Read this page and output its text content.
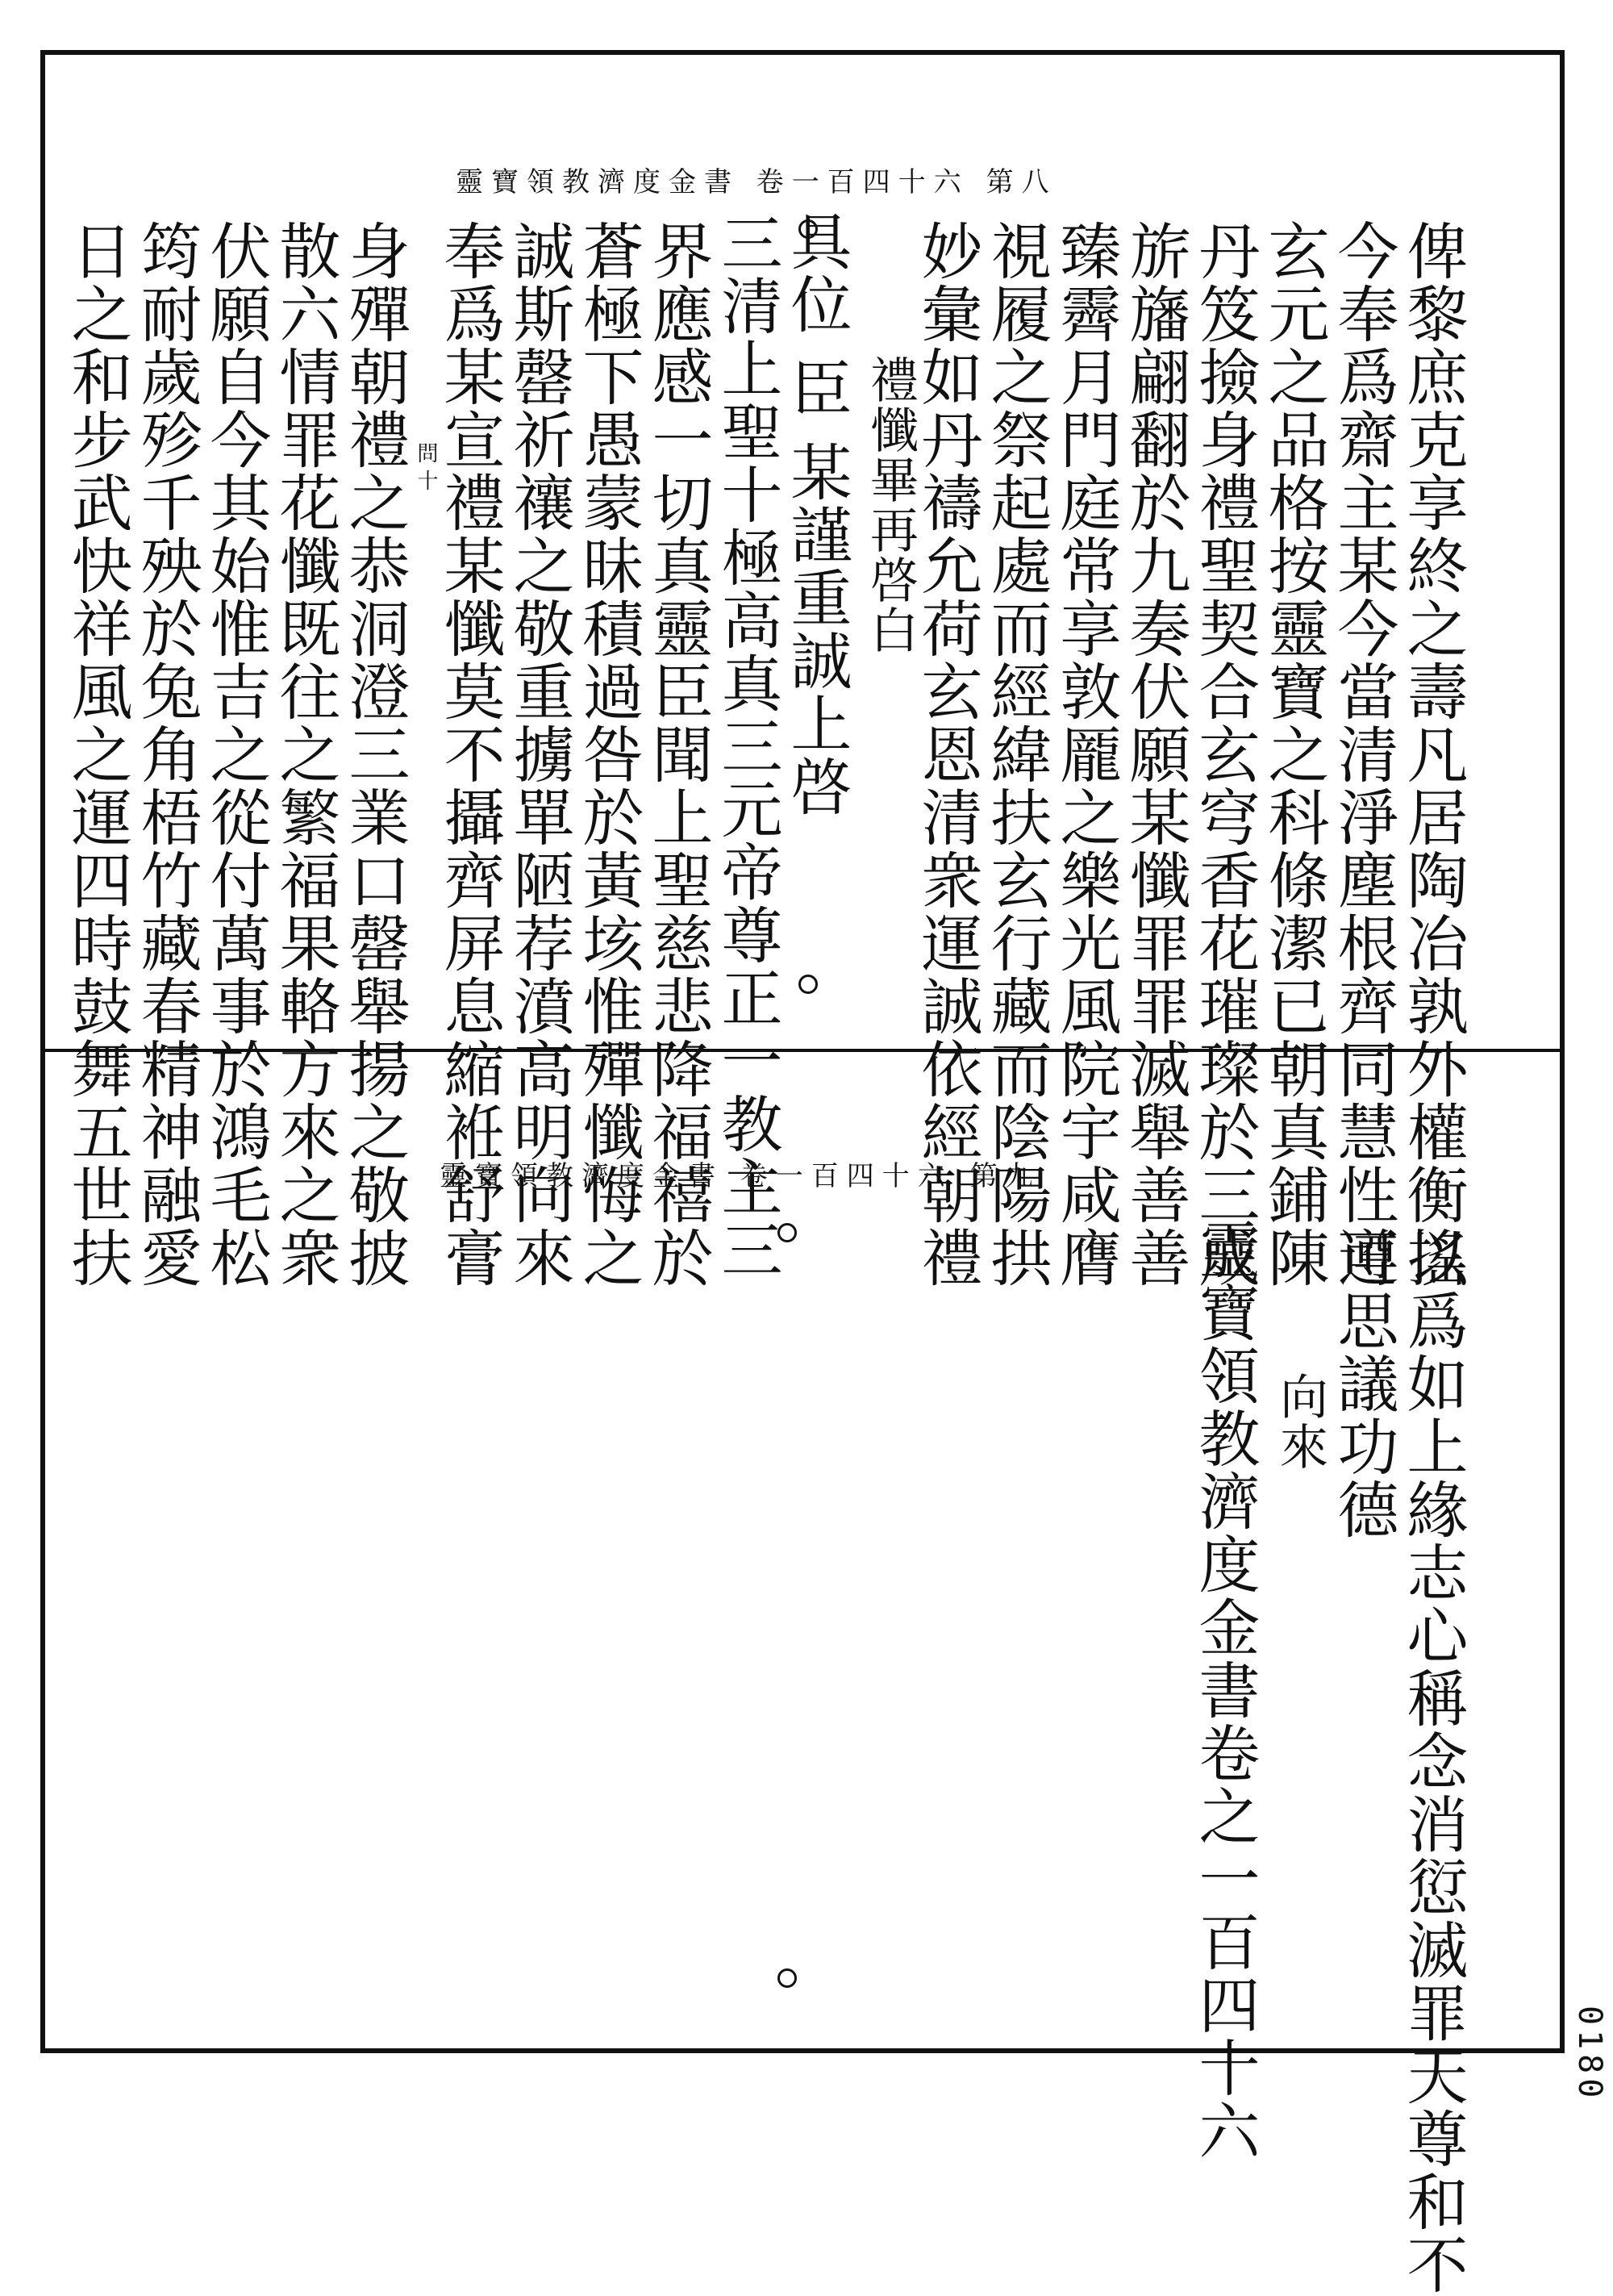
靈寶領教濟度金書 卷一百四十六 第八
俾黎庶克享終之壽凡居陶冶孰外權衡以
今奉爲齋主某今當清淨塵根齊同慧性遵
玄元之品格按靈寶之科條潔已朝真鋪陳
丹笈撿身禮聖契合玄穹香花璀璨於三成
旂旛翩翻於九奏伏願某懺罪罪滅舉善善
臻霽月門庭常享敦龎之樂光風院宇咸膺
視履之祭起處而經緯扶玄行藏而陰陽拱
妙彙如丹禱允荷玄恩清衆運誠依經朝禮
禮懺畢再啓白
具位 臣 某謹重誠上啓
三清上聖十極高真三元帝尊正一教主三
界應感一切真靈臣聞上聖慈悲降福禧於
蒼極下愚蒙昧積過咎於黃垓惟殫懺悔之
誠斯罄祈禳之敬重擄單陋荐濆高明向來
奉爲某宣禮某懺莫不攝齊屏息縮袵舒膏
問 十
身殫朝禮之恭洞澄三業口罄舉揚之敬披
散六情罪花懺既往之繁福果輅方來之衆
伏願自今其始惟吉之從付萬事於鴻毛松
筠耐歲殄千殃於兔角梧竹藏春精神融愛
日之和步武快祥風之運四時鼓舞五世扶	靈寶領教濟度金書 卷一百四十六 第九
搖爲如上緣志心稱念消愆滅罪天尊和不
可思議功德
向來
靈寶領教濟度金書卷之一百四十六	0180
